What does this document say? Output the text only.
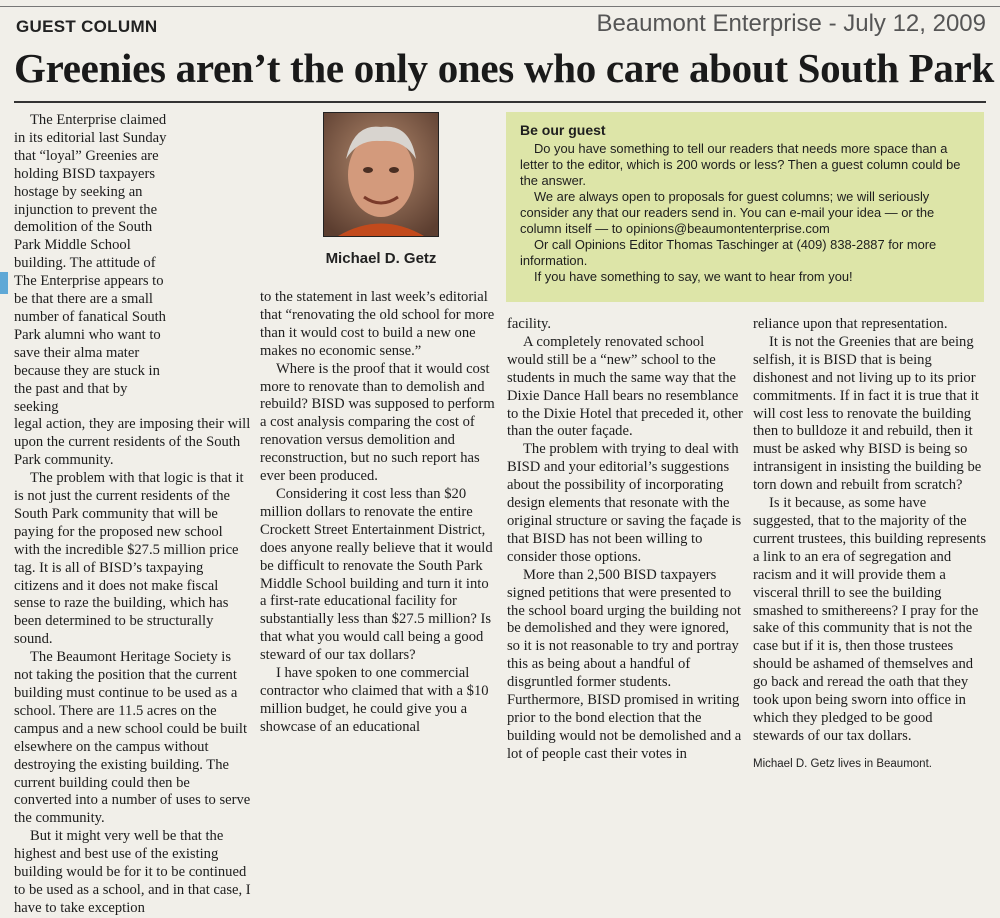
GUEST COLUMN	Beaumont Enterprise - July 12, 2009
Greenies aren’t the only ones who care about South Park

The Enterprise claimed in its editorial last Sunday that “loyal” Greenies are holding BISD taxpayers hostage by seeking an injunction to prevent the demolition of the South Park Middle School building. The attitude of The Enterprise appears to be that there are a small number of fanatical South Park alumni who want to save their alma mater because they are stuck in the past and that by seeking

legal action, they are imposing their will upon the current residents of the South Park community.

The problem with that logic is that it is not just the current residents of the South Park community that will be paying for the proposed new school with the incredible $27.5 million price tag. It is all of BISD’s taxpaying citizens and it does not make fiscal sense to raze the building, which has been determined to be structurally sound.

The Beaumont Heritage Society is not taking the position that the current building must continue to be used as a school. There are 11.5 acres on the campus and a new school could be built elsewhere on the campus without destroying the existing building. The current building could then be converted into a number of uses to serve the community.

But it might very well be that the highest and best use of the existing building would be for it to be continued to be used as a school, and in that case, I have to take exception

Michael D. Getz
Be our guest

Do you have something to tell our readers that needs more space than a letter to the editor, which is 200 words or less? Then a guest column could be the answer.

We are always open to proposals for guest columns; we will seriously consider any that our readers send in. You can e-mail your idea — or the column itself — to opinions@beaumontenterprise.com

Or call Opinions Editor Thomas Taschinger at (409) 838-2887 for more information.

If you have something to say, we want to hear from you!

to the statement in last week’s editorial that “renovating the old school for more than it would cost to build a new one makes no economic sense.”

Where is the proof that it would cost more to renovate than to demolish and rebuild? BISD was supposed to perform a cost analysis comparing the cost of renovation versus demolition and reconstruction, but no such report has ever been produced.

Considering it cost less than $20 million dollars to renovate the entire Crockett Street Entertainment District, does anyone really believe that it would be difficult to renovate the South Park Middle School building and turn it into a first-rate educational facility for substantially less than $27.5 million? Is that what you would call being a good steward of our tax dollars?

I have spoken to one commercial contractor who claimed that with a $10 million budget, he could give you a showcase of an educational

facility.

A completely renovated school would still be a “new” school to the students in much the same way that the Dixie Dance Hall bears no resemblance to the Dixie Hotel that preceded it, other than the outer façade.

The problem with trying to deal with BISD and your editorial’s suggestions about the possibility of incorporating design elements that resonate with the original structure or saving the façade is that BISD has not been willing to consider those options.

More than 2,500 BISD taxpayers signed petitions that were presented to the school board urging the building not be demolished and they were ignored, so it is not reasonable to try and portray this as being about a handful of disgruntled former students. Furthermore, BISD promised in writing prior to the bond election that the building would not be demolished and a lot of people cast their votes in

reliance upon that representation.

It is not the Greenies that are being selfish, it is BISD that is being dishonest and not living up to its prior commitments. If in fact it is true that it will cost less to renovate the building then to bulldoze it and rebuild, then it must be asked why BISD is being so intransigent in insisting the building be torn down and rebuilt from scratch?

Is it because, as some have suggested, that to the majority of the current trustees, this building represents a link to an era of segregation and racism and it will provide them a visceral thrill to see the building smashed to smithereens? I pray for the sake of this community that is not the case but if it is, then those trustees should be ashamed of themselves and go back and reread the oath that they took upon being sworn into office in which they pledged to be good stewards of our tax dollars.

Michael D. Getz lives in Beaumont.
